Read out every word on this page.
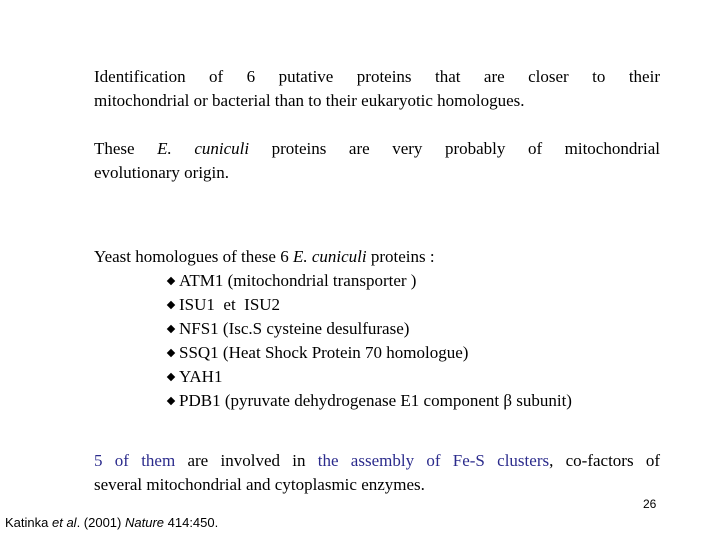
Identification of 6 putative proteins that are closer to their
mitochondrial or bacterial than to their eukaryotic homologues.
These E. cuniculi proteins are very probably of mitochondrial
evolutionary origin.
Yeast homologues of these 6 E. cuniculi proteins :
ATM1 (mitochondrial transporter )
ISU1  et  ISU2
NFS1 (Isc.S cysteine desulfurase)
SSQ1 (Heat Shock Protein 70 homologue)
YAH1
PDB1 (pyruvate dehydrogenase E1 component β subunit)
5 of them are involved in the assembly of Fe-S clusters, co-factors of
several mitochondrial and cytoplasmic enzymes.
26
Katinka et al. (2001) Nature 414:450.
